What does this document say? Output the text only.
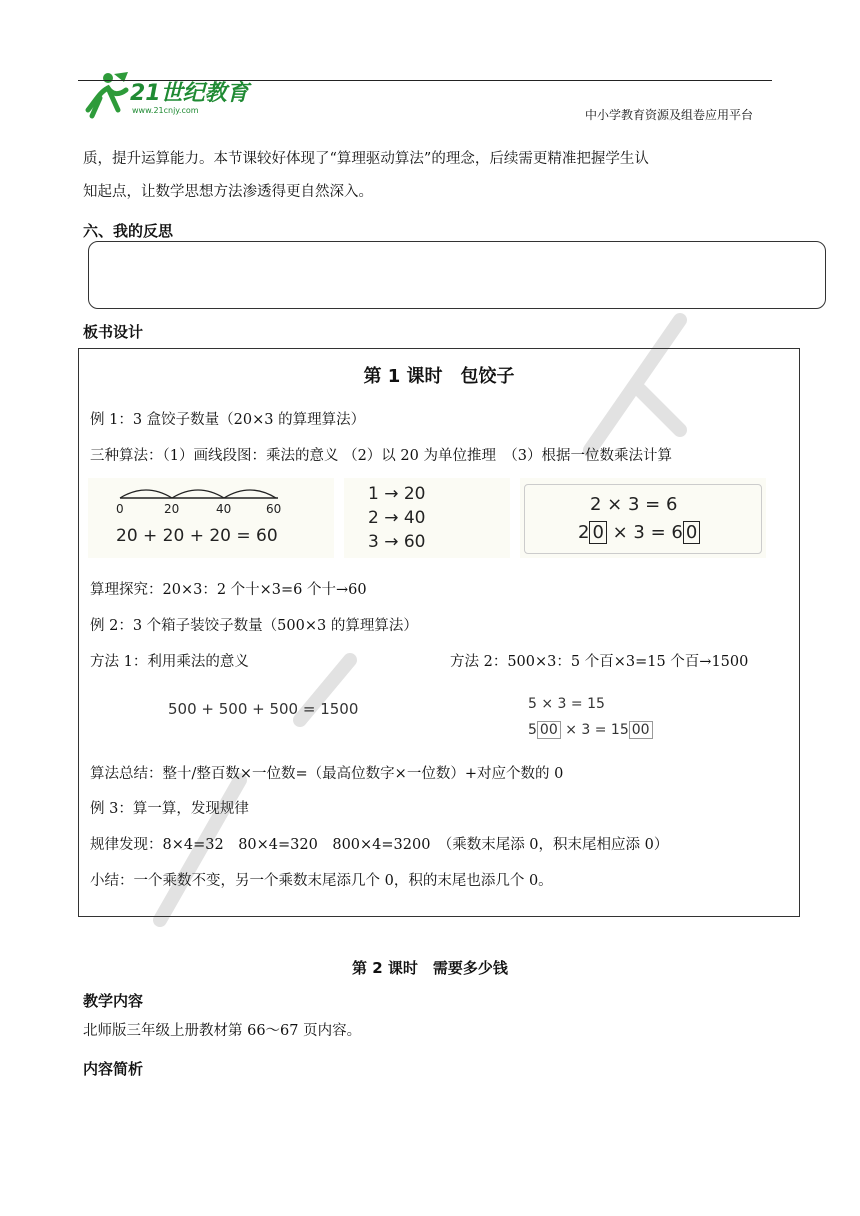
21世纪教育
www.21cnjy.com	中小学教育资源及组卷应用平台
质，提升运算能力。本节课较好体现了“算理驱动算法”的理念，后续需更精准把握学生认
知起点，让数学思想方法渗透得更自然深入。
六、我的反思
板书设计
第 1 课时　包饺子
例 1：3 盒饺子数量（20×3 的算理算法）
三种算法：（1）画线段图：乘法的意义 （2）以 20 为单位推理　（3）根据一位数乘法计算
0	20	40	60
20 + 20 + 20 = 60
1 → 20
2 → 40
3 → 60
2 × 3 = 6
2 0 × 3 = 6 0
算理探究：20×3：2 个十×3=6 个十→60
例 2：3 个箱子装饺子数量（500×3 的算理算法）
方法 1：利用乘法的意义	方法 2：500×3：5 个百×3=15 个百→1500
500 + 500 + 500 = 1500	5 × 3 = 15
5 00 × 3 = 15 00
算法总结：整十/整百数×一位数=（最高位数字×一位数）+对应个数的 0
例 3：算一算，发现规律
规律发现：8×4=32　80×4=320　800×4=3200　（乘数末尾添 0，积末尾相应添 0）
小结：一个乘数不变，另一个乘数末尾添几个 0，积的末尾也添几个 0。
第 2 课时　需要多少钱
教学内容
北师版三年级上册教材第 66～67 页内容。
内容简析
